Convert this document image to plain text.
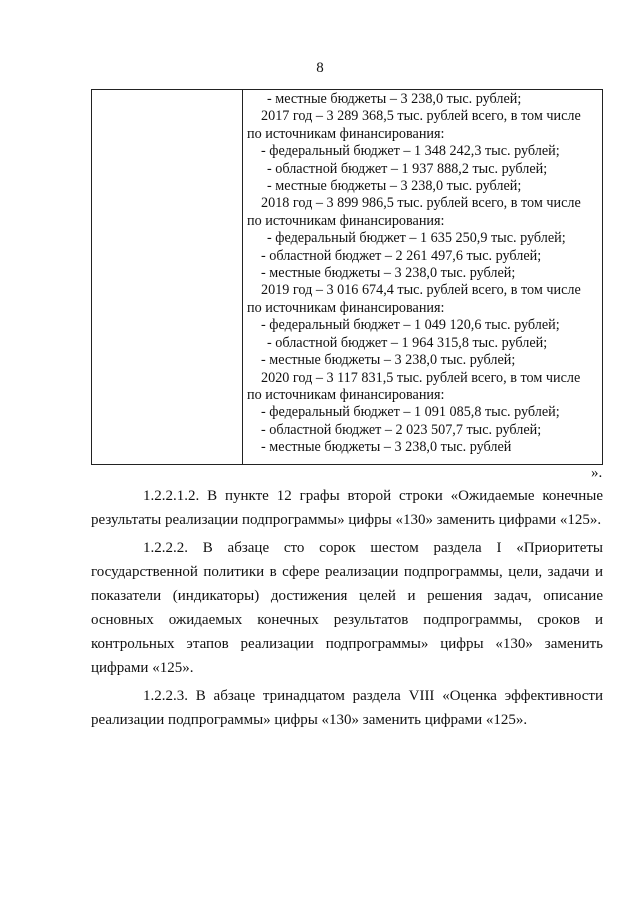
8
- местные бюджеты – 3 238,0 тыс. рублей;
2017 год – 3 289 368,5 тыс. рублей всего, в том числе
по источникам финансирования:
- федеральный бюджет – 1 348 242,3 тыс. рублей;
- областной бюджет – 1 937 888,2 тыс. рублей;
- местные бюджеты – 3 238,0 тыс. рублей;
2018 год – 3 899 986,5 тыс. рублей всего, в том числе
по источникам финансирования:
- федеральный бюджет – 1 635 250,9 тыс. рублей;
- областной бюджет – 2 261 497,6 тыс. рублей;
- местные бюджеты – 3 238,0 тыс. рублей;
2019 год – 3 016 674,4 тыс. рублей всего, в том числе
по источникам финансирования:
- федеральный бюджет – 1 049 120,6 тыс. рублей;
- областной бюджет – 1 964 315,8 тыс. рублей;
- местные бюджеты – 3 238,0 тыс. рублей;
2020 год – 3 117 831,5 тыс. рублей всего, в том числе
по источникам финансирования:
- федеральный бюджет – 1 091 085,8 тыс. рублей;
- областной бюджет – 2 023 507,7 тыс. рублей;
- местные бюджеты – 3 238,0 тыс. рублей
».

1.2.2.1.2. В пункте 12 графы второй строки «Ожидаемые конечные результаты реализации подпрограммы» цифры «130» заменить цифрами «125».

1.2.2.2. В абзаце сто сорок шестом раздела I «Приоритеты государственной политики в сфере реализации подпрограммы, цели, задачи и показатели (индикаторы) достижения целей и решения задач, описание основных ожидаемых конечных результатов подпрограммы, сроков и контрольных этапов реализации подпрограммы» цифры «130» заменить цифрами «125».

1.2.2.3. В абзаце тринадцатом раздела VIII «Оценка эффективности реализации подпрограммы» цифры «130» заменить цифрами «125».
